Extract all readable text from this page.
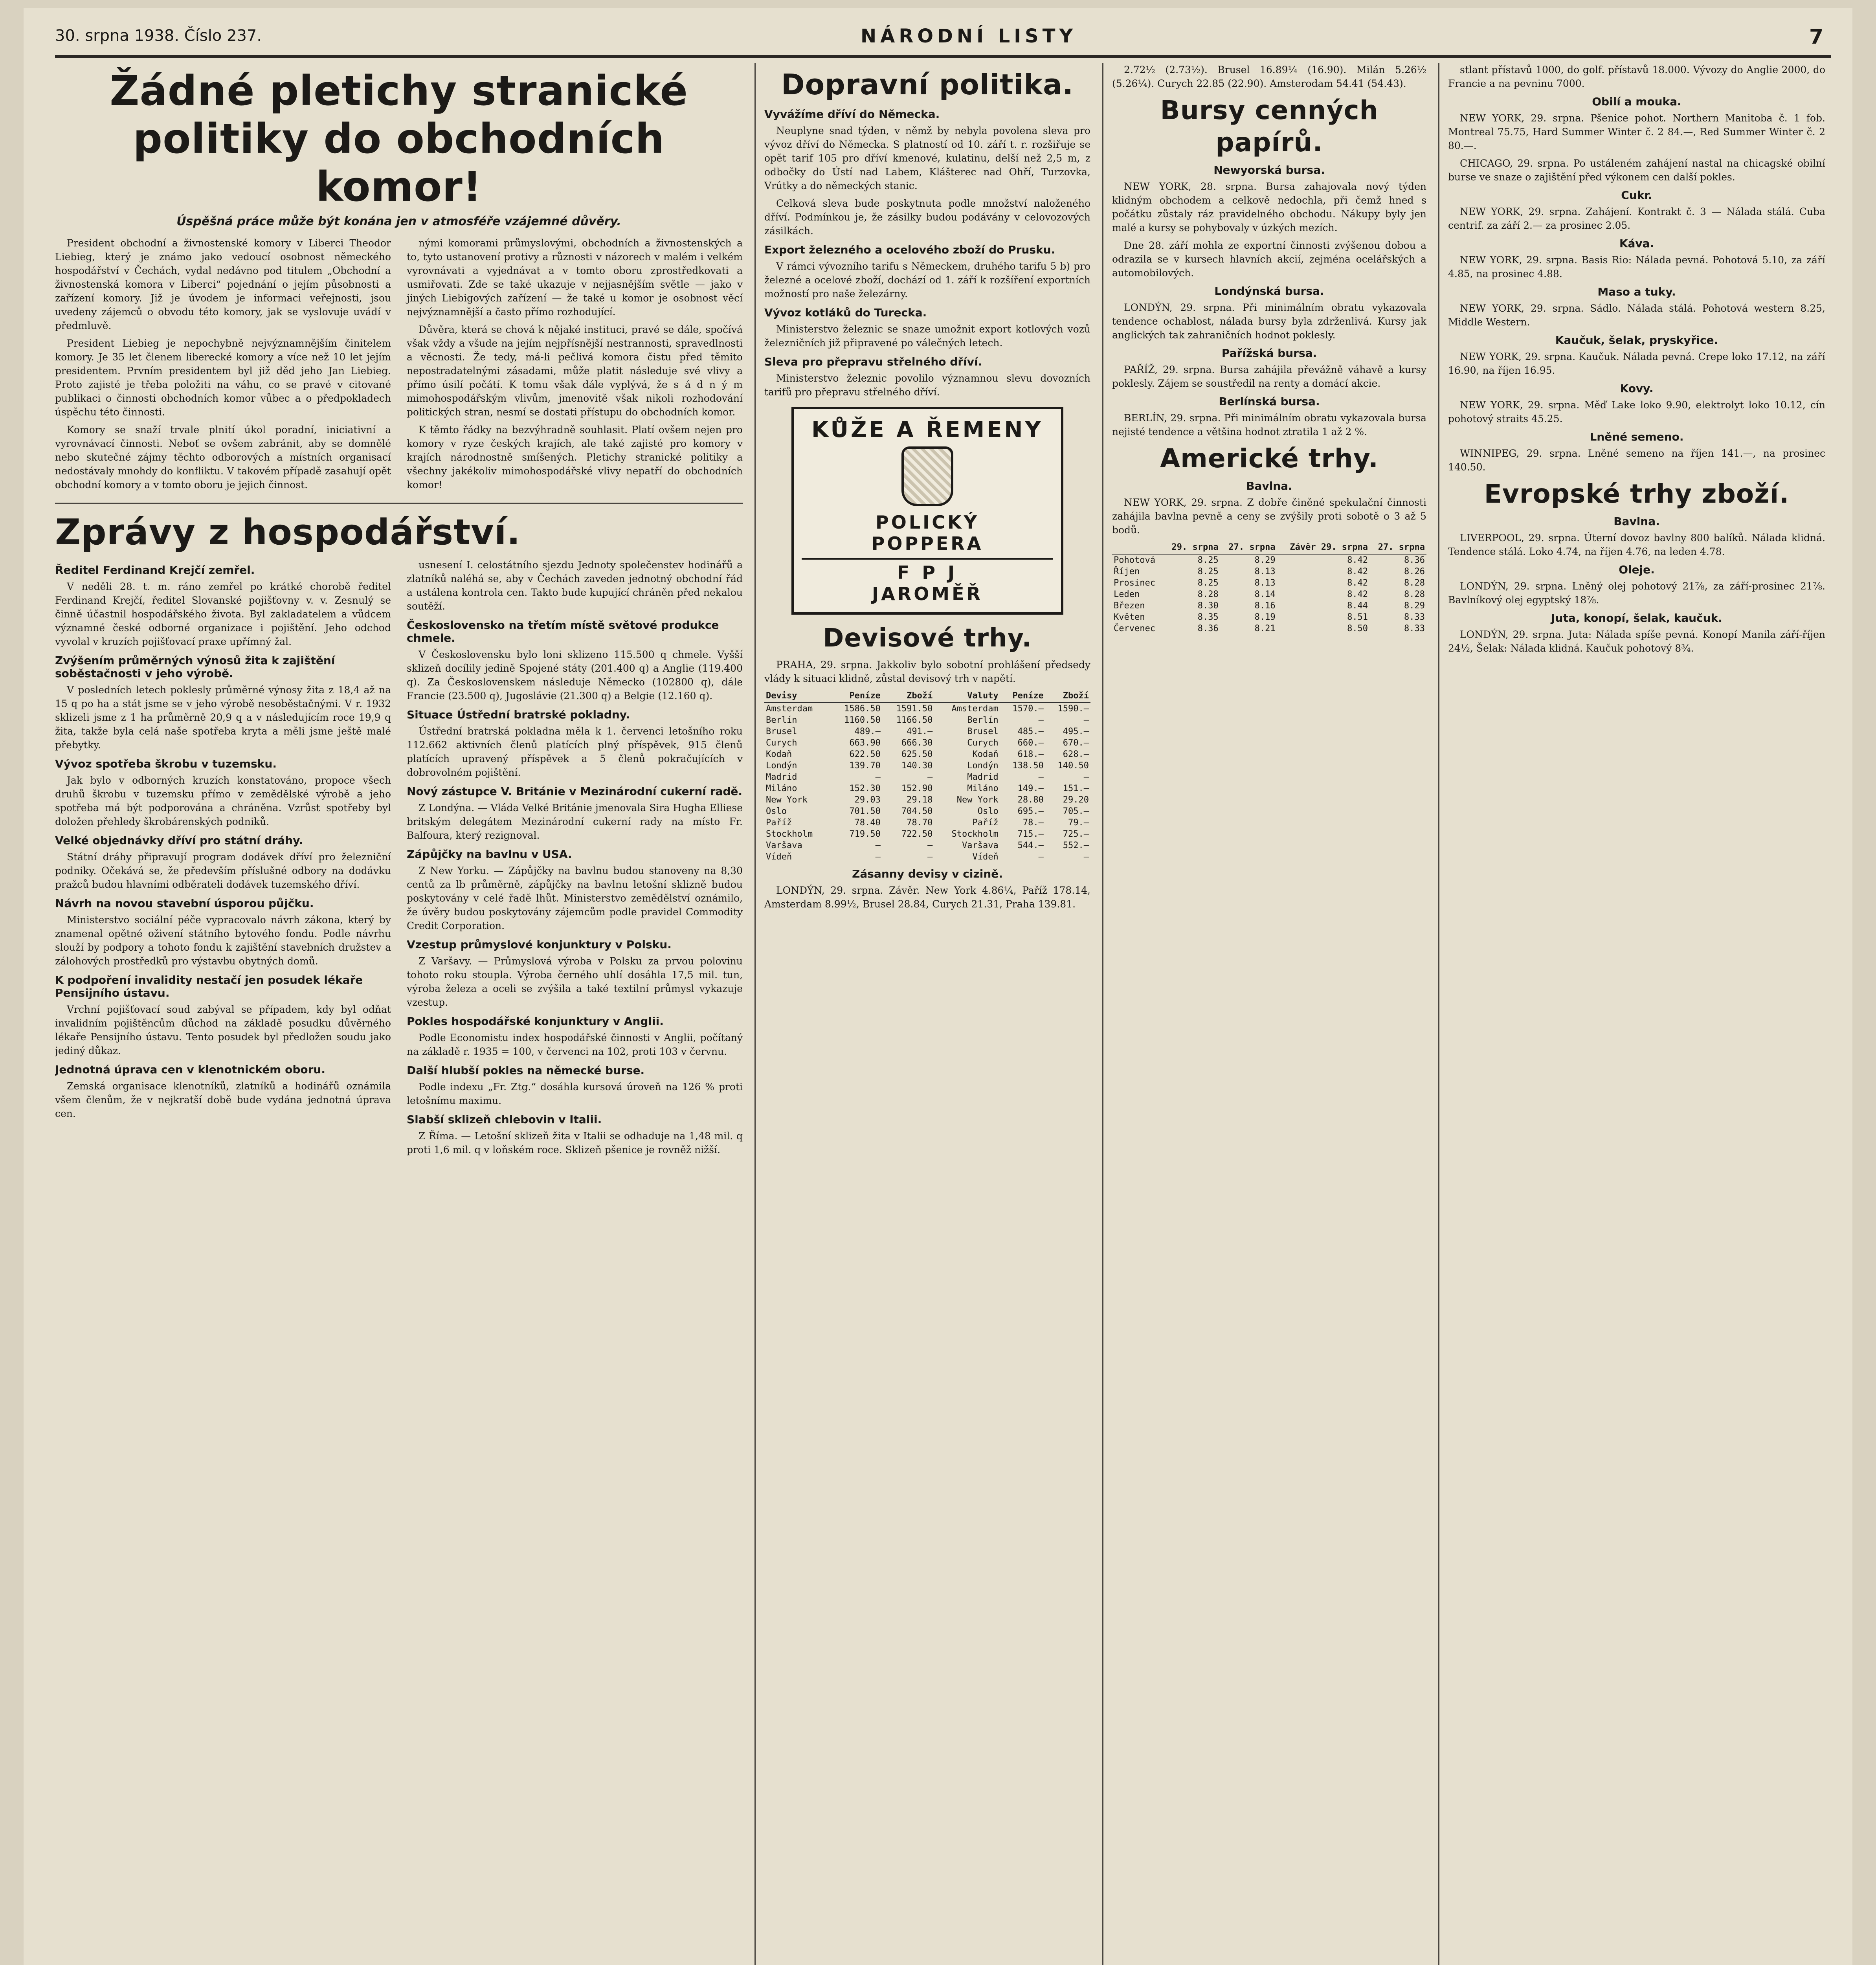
30. srpna 1938. Číslo 237.	NÁRODNÍ LISTY	7
Žádné pletichy stranické politiky do obchodních komor!
Úspěšná práce může být konána jen v atmosféře vzájemné důvěry.

President obchodní a živnostenské komory v Liberci Theodor Liebieg, který je známo jako vedoucí osobnost německého hospodářství v Čechách, vydal nedávno pod titulem „Obchodní a živnostenská komora v Liberci“ pojednání o jejím působnosti a zařízení komory. Již je úvodem je informaci veřejnosti, jsou uvedeny zájemců o obvodu této komory, jak se vyslovuje uvádí v předmluvě.

President Liebieg je nepochybně nejvýznamnějším činitelem komory. Je 35 let členem liberecké komory a více než 10 let jejím presidentem. Prvním presidentem byl již děd jeho Jan Liebieg. Proto zajisté je třeba položiti na váhu, co se pravé v citované publikaci o činnosti obchodních komor vůbec a o předpokladech úspěchu této činnosti.

Komory se snaží trvale plnití úkol poradní, iniciativní a vyrovnávací činnosti. Neboť se ovšem zabránit, aby se domnělé nebo skutečné zájmy těchto odborových a místních organisací nedostávaly mnohdy do konfliktu. V takovém případě zasahují opět obchodní komory a v tomto oboru je jejich činnost.

nými komorami průmyslovými, obchodních a živnostenských a to, tyto ustanovení protivy a různosti v názorech v malém i velkém vyrovnávati a vyjednávat a v tomto oboru zprostředkovati a usmiřovati. Zde se také ukazuje v nejjasnějším světle — jako v jiných Liebigových zařízení — že také u komor je osobnost věcí nejvýznamnější a často přímo rozhodující.

Důvěra, která se chová k nějaké instituci, pravé se dále, spočívá však vždy a všude na jejím nejpřísnější nestrannosti, spravedlnosti a věcnosti. Že tedy, má-li pečlivá komora čistu před těmito nepostradatelnými zásadami, může platit následuje své vlivy a přímo úsilí počátí. K tomu však dále vyplývá, že s á d n ý m mimohospodářským vlivům, jmenovitě však nikoli rozhodování politických stran, nesmí se dostati přístupu do obchodních komor.

K těmto řádky na bezvýhradně souhlasit. Platí ovšem nejen pro komory v ryze českých krajích, ale také zajisté pro komory v krajích národnostně smíšených. Pletichy stranické politiky a všechny jakékoliv mimohospodářské vlivy nepatří do obchodních komor!

Zprávy z hospodářství.
Ředitel Ferdinand Krejčí zemřel.

V neděli 28. t. m. ráno zemřel po krátké chorobě ředitel Ferdinand Krejčí, ředitel Slovanské pojišťovny v. v. Zesnulý se činně účastnil hospodářského života. Byl zakladatelem a vůdcem významné české odborné organizace i pojištění. Jeho odchod vyvolal v kruzích pojišťovací praxe upřímný žal.

Zvýšením průměrných výnosů žita k zajištění soběstačnosti v jeho výrobě.

V posledních letech poklesly průměrné výnosy žita z 18,4 až na 15 q po ha a stát jsme se v jeho výrobě nesoběstačnými. V r. 1932 sklizeli jsme z 1 ha průměrně 20,9 q a v následujícím roce 19,9 q žita, takže byla celá naše spotřeba kryta a měli jsme ještě malé přebytky.

Vývoz spotřeba škrobu v tuzemsku.

Jak bylo v odborných kruzích konstatováno, propoce všech druhů škrobu v tuzemsku přímo v zemědělské výrobě a jeho spotřeba má být podporována a chráněna. Vzrůst spotřeby byl doložen přehledy škrobárenských podniků.

Velké objednávky dříví pro státní dráhy.

Státní dráhy připravují program dodávek dříví pro železniční podniky. Očekává se, že především příslušné odbory na dodávku pražců budou hlavními odběrateli dodávek tuzemského dříví.

Návrh na novou stavební úsporou půjčku.

Ministerstvo sociální péče vypracovalo návrh zákona, který by znamenal opětné oživení státního bytového fondu. Podle návrhu slouží by podpory a tohoto fondu k zajištění stavebních družstev a zálohových prostředků pro výstavbu obytných domů.

K podpoření invalidity nestačí jen posudek lékaře Pensijního ústavu.

Vrchní pojišťovací soud zabýval se případem, kdy byl odňat invalidním pojištěncům důchod na základě posudku důvěrného lékaře Pensijního ústavu. Tento posudek byl předložen soudu jako jediný důkaz.

Jednotná úprava cen v klenotnickém oboru.

Zemská organisace klenotníků, zlatníků a hodinářů oznámila všem členům, že v nejkratší době bude vydána jednotná úprava cen.

usnesení I. celostátního sjezdu Jednoty společenstev hodinářů a zlatníků naléhá se, aby v Čechách zaveden jednotný obchodní řád a ustálena kontrola cen. Takto bude kupující chráněn před nekalou soutěží.

Československo na třetím místě světové produkce chmele.

V Československu bylo loni sklizeno 115.500 q chmele. Vyšší sklizeň docílily jedině Spojené státy (201.400 q) a Anglie (119.400 q). Za Československem následuje Německo (102800 q), dále Francie (23.500 q), Jugoslávie (21.300 q) a Belgie (12.160 q).

Situace Ústřední bratrské pokladny.

Ústřední bratrská pokladna měla k 1. červenci letošního roku 112.662 aktivních členů platících plný příspěvek, 915 členů platících upravený příspěvek a 5 členů pokračujících v dobrovolném pojištění.

Nový zástupce V. Británie v Mezinárodní cukerní radě.

Z Londýna. — Vláda Velké Británie jmenovala Sira Hugha Elliese britským delegátem Mezinárodní cukerní rady na místo Fr. Balfoura, který rezignoval.

Zápůjčky na bavlnu v USA.

Z New Yorku. — Zápůjčky na bavlnu budou stanoveny na 8,30 centů za lb průměrně, zápůjčky na bavlnu letošní sklizně budou poskytovány v celé řadě lhůt. Ministerstvo zemědělství oznámilo, že úvěry budou poskytovány zájemcům podle pravidel Commodity Credit Corporation.

Vzestup průmyslové konjunktury v Polsku.

Z Varšavy. — Průmyslová výroba v Polsku za prvou polovinu tohoto roku stoupla. Výroba černého uhlí dosáhla 17,5 mil. tun, výroba železa a oceli se zvýšila a také textilní průmysl vykazuje vzestup.

Pokles hospodářské konjunktury v Anglii.

Podle Economistu index hospodářské činnosti v Anglii, počítaný na základě r. 1935 = 100, v červenci na 102, proti 103 v červnu.

Další hlubší pokles na německé burse.

Podle indexu „Fr. Ztg.“ dosáhla kursová úroveň na 126 % proti letošnímu maximu.

Slabší sklizeň chlebovin v Italii.

Z Říma. — Letošní sklizeň žita v Italii se odhaduje na 1,48 mil. q proti 1,6 mil. q v loňském roce. Sklizeň pšenice je rovněž nižší.

Dopravní politika.
Vyvážíme dříví do Německa.

Neuplyne snad týden, v němž by nebyla povolena sleva pro vývoz dříví do Německa. S platností od 10. září t. r. rozšiřuje se opět tarif 105 pro dříví kmenové, kulatinu, delší než 2,5 m, z odbočky do Ústí nad Labem, Klášterec nad Ohří, Turzovka, Vrútky a do německých stanic.

Celková sleva bude poskytnuta podle množství naloženého dříví. Podmínkou je, že zásilky budou podávány v celovozových zásilkách.

Export železného a ocelového zboží do Prusku.

V rámci vývozního tarifu s Německem, druhého tarifu 5 b) pro železné a ocelové zboží, dochází od 1. září k rozšíření exportních možností pro naše železárny.

Vývoz kotláků do Turecka.

Ministerstvo železnic se snaze umožnit export kotlových vozů železničních již připravené po válečných letech.

Sleva pro přepravu střelného dříví.

Ministerstvo železnic povolilo významnou slevu dovozních tarifů pro přepravu střelného dříví.

KŮŽE A ŘEMENY
POLICKÝ
POPPERA
F P J
JAROMĚŘ
Devisové trhy.

PRAHA, 29. srpna. Jakkoliv bylo sobotní prohlášení předsedy vlády k situaci klidně, zůstal devisový trh v napětí.

Devisy	Peníze	Zboží	Valuty	Peníze	Zboží
Amsterdam	1586.50	1591.50	Amsterdam	1570.—	1590.—
Berlín	1160.50	1166.50	Berlín	—	—
Brusel	489.—	491.—	Brusel	485.—	495.—
Curych	663.90	666.30	Curych	660.—	670.—
Kodaň	622.50	625.50	Kodaň	618.—	628.—
Londýn	139.70	140.30	Londýn	138.50	140.50
Madrid	—	—	Madrid	—	—
Miláno	152.30	152.90	Miláno	149.—	151.—
New York	29.03	29.18	New York	28.80	29.20
Oslo	701.50	704.50	Oslo	695.—	705.—
Paříž	78.40	78.70	Paříž	78.—	79.—
Stockholm	719.50	722.50	Stockholm	715.—	725.—
Varšava	—	—	Varšava	544.—	552.—
Vídeň	—	—	Vídeň	—	—
Zásanny devisy v cizině.

LONDÝN, 29. srpna. Závěr. New York 4.86¼, Paříž 178.14, Amsterdam 8.99½, Brusel 28.84, Curych 21.31, Praha 139.81.

2.72½ (2.73½). Brusel 16.89¼ (16.90). Milán 5.26½ (5.26¼). Curych 22.85 (22.90). Amsterodam 54.41 (54.43).

Bursy cenných papírů.
Newyorská bursa.

NEW YORK, 28. srpna. Bursa zahajovala nový týden klidným obchodem a celkově nedochla, při čemž hned s počátku zůstaly ráz pravidelného obchodu. Nákupy byly jen malé a kursy se pohybovaly v úzkých mezích.

Dne 28. září mohla ze exportní činnosti zvýšenou dobou a odrazila se v kursech hlavních akcií, zejména ocelářských a automobilových.

Londýnská bursa.

LONDÝN, 29. srpna. Při minimálním obratu vykazovala tendence ochablost, nálada bursy byla zdrženlivá. Kursy jak anglických tak zahraničních hodnot poklesly.

Pařížská bursa.

PAŘÍŽ, 29. srpna. Bursa zahájila převážně váhavě a kursy poklesly. Zájem se soustředil na renty a domácí akcie.

Berlínská bursa.

BERLÍN, 29. srpna. Při minimálním obratu vykazovala bursa nejisté tendence a většina hodnot ztratila 1 až 2 %.

Americké trhy.
Bavlna.

NEW YORK, 29. srpna. Z dobře činěné spekulační činnosti zahájila bavlna pevně a ceny se zvýšily proti sobotě o 3 až 5 bodů.

	29. srpna	27. srpna	Závěr 29. srpna	27. srpna
Pohotová	8.25	8.29	8.42	8.36
Říjen	8.25	8.13	8.42	8.26
Prosinec	8.25	8.13	8.42	8.28
Leden	8.28	8.14	8.42	8.28
Březen	8.30	8.16	8.44	8.29
Květen	8.35	8.19	8.51	8.33
Červenec	8.36	8.21	8.50	8.33

stlant přístavů 1000, do golf. přístavů 18.000. Vývozy do Anglie 2000, do Francie a na pevninu 7000.

Obilí a mouka.

NEW YORK, 29. srpna. Pšenice pohot. Northern Manitoba č. 1 fob. Montreal 75.75, Hard Summer Winter č. 2 84.—, Red Summer Winter č. 2 80.—.

CHICAGO, 29. srpna. Po ustáleném zahájení nastal na chicagské obilní burse ve snaze o zajištění před výkonem cen další pokles.

Cukr.

NEW YORK, 29. srpna. Zahájení. Kontrakt č. 3 — Nálada stálá. Cuba centrif. za září 2.— za prosinec 2.05.

Káva.

NEW YORK, 29. srpna. Basis Rio: Nálada pevná. Pohotová 5.10, za září 4.85, na prosinec 4.88.

Maso a tuky.

NEW YORK, 29. srpna. Sádlo. Nálada stálá. Pohotová western 8.25, Middle Western.

Kaučuk, šelak, pryskyřice.

NEW YORK, 29. srpna. Kaučuk. Nálada pevná. Crepe loko 17.12, na září 16.90, na říjen 16.95.

Kovy.

NEW YORK, 29. srpna. Měď Lake loko 9.90, elektrolyt loko 10.12, cín pohotový straits 45.25.

Lněné semeno.

WINNIPEG, 29. srpna. Lněné semeno na říjen 141.—, na prosinec 140.50.

Evropské trhy zboží.
Bavlna.

LIVERPOOL, 29. srpna. Úterní dovoz bavlny 800 balíků. Nálada klidná. Tendence stálá. Loko 4.74, na říjen 4.76, na leden 4.78.

Oleje.

LONDÝN, 29. srpna. Lněný olej pohotový 21⅞, za září-prosinec 21⅞. Bavlníkový olej egyptský 18⅞.

Juta, konopí, šelak, kaučuk.

LONDÝN, 29. srpna. Juta: Nálada spíše pevná. Konopí Manila září-říjen 24½, Šelak: Nálada klidná. Kaučuk pohotový 8¾.
